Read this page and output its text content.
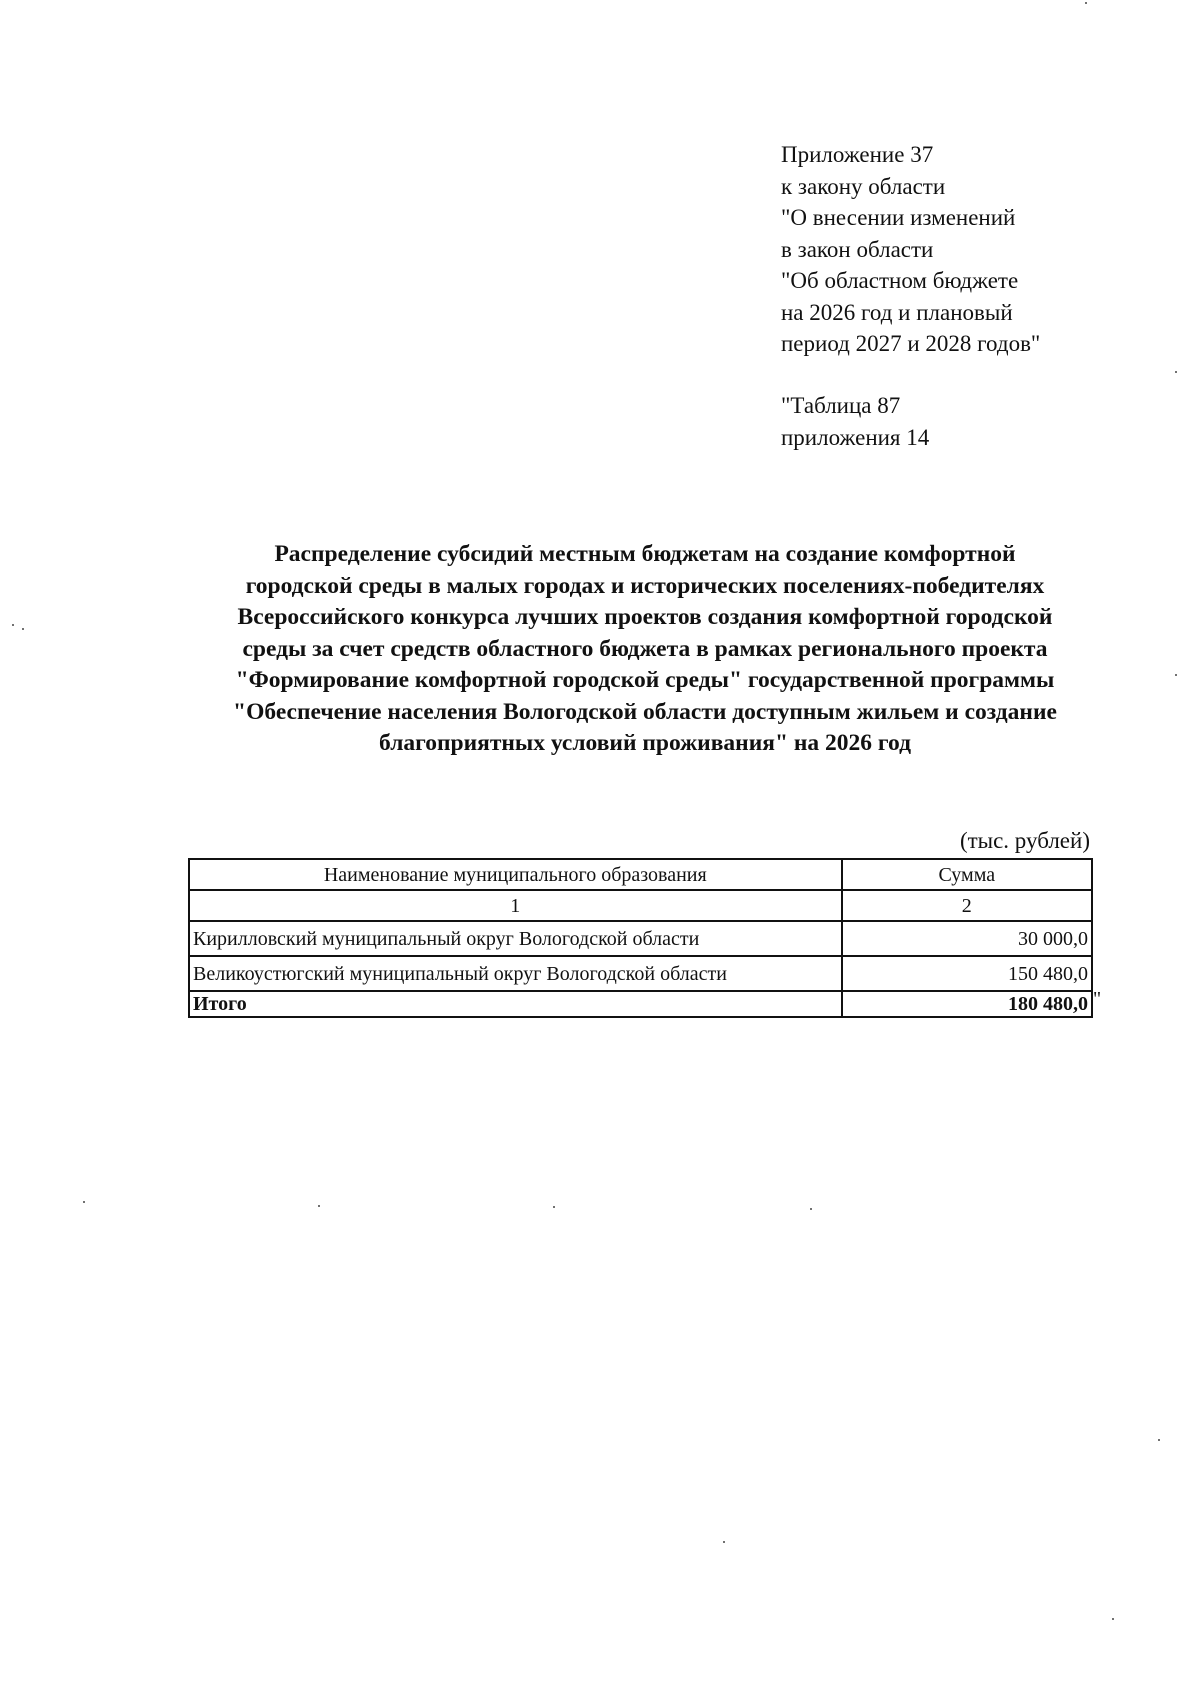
Приложение 37
к закону области
"О внесении изменений
в закон области
"Об областном бюджете
на 2026 год и плановый
период 2027 и 2028 годов"
"Таблица 87
приложения 14
Распределение субсидий местным бюджетам на создание комфортной
городской среды в малых городах и исторических поселениях-победителях
Всероссийского конкурса лучших проектов создания комфортной городской
среды за счет средств областного бюджета в рамках регионального проекта
"Формирование комфортной городской среды" государственной программы
"Обеспечение населения Вологодской области доступным жильем и создание
благоприятных условий проживания" на 2026 год
(тыс. рублей)
Наименование муниципального образования	Сумма
1	2
Кирилловский муниципальный округ Вологодской области	30 000,0
Великоустюгский муниципальный округ Вологодской области	150 480,0
Итого	180 480,0 "
